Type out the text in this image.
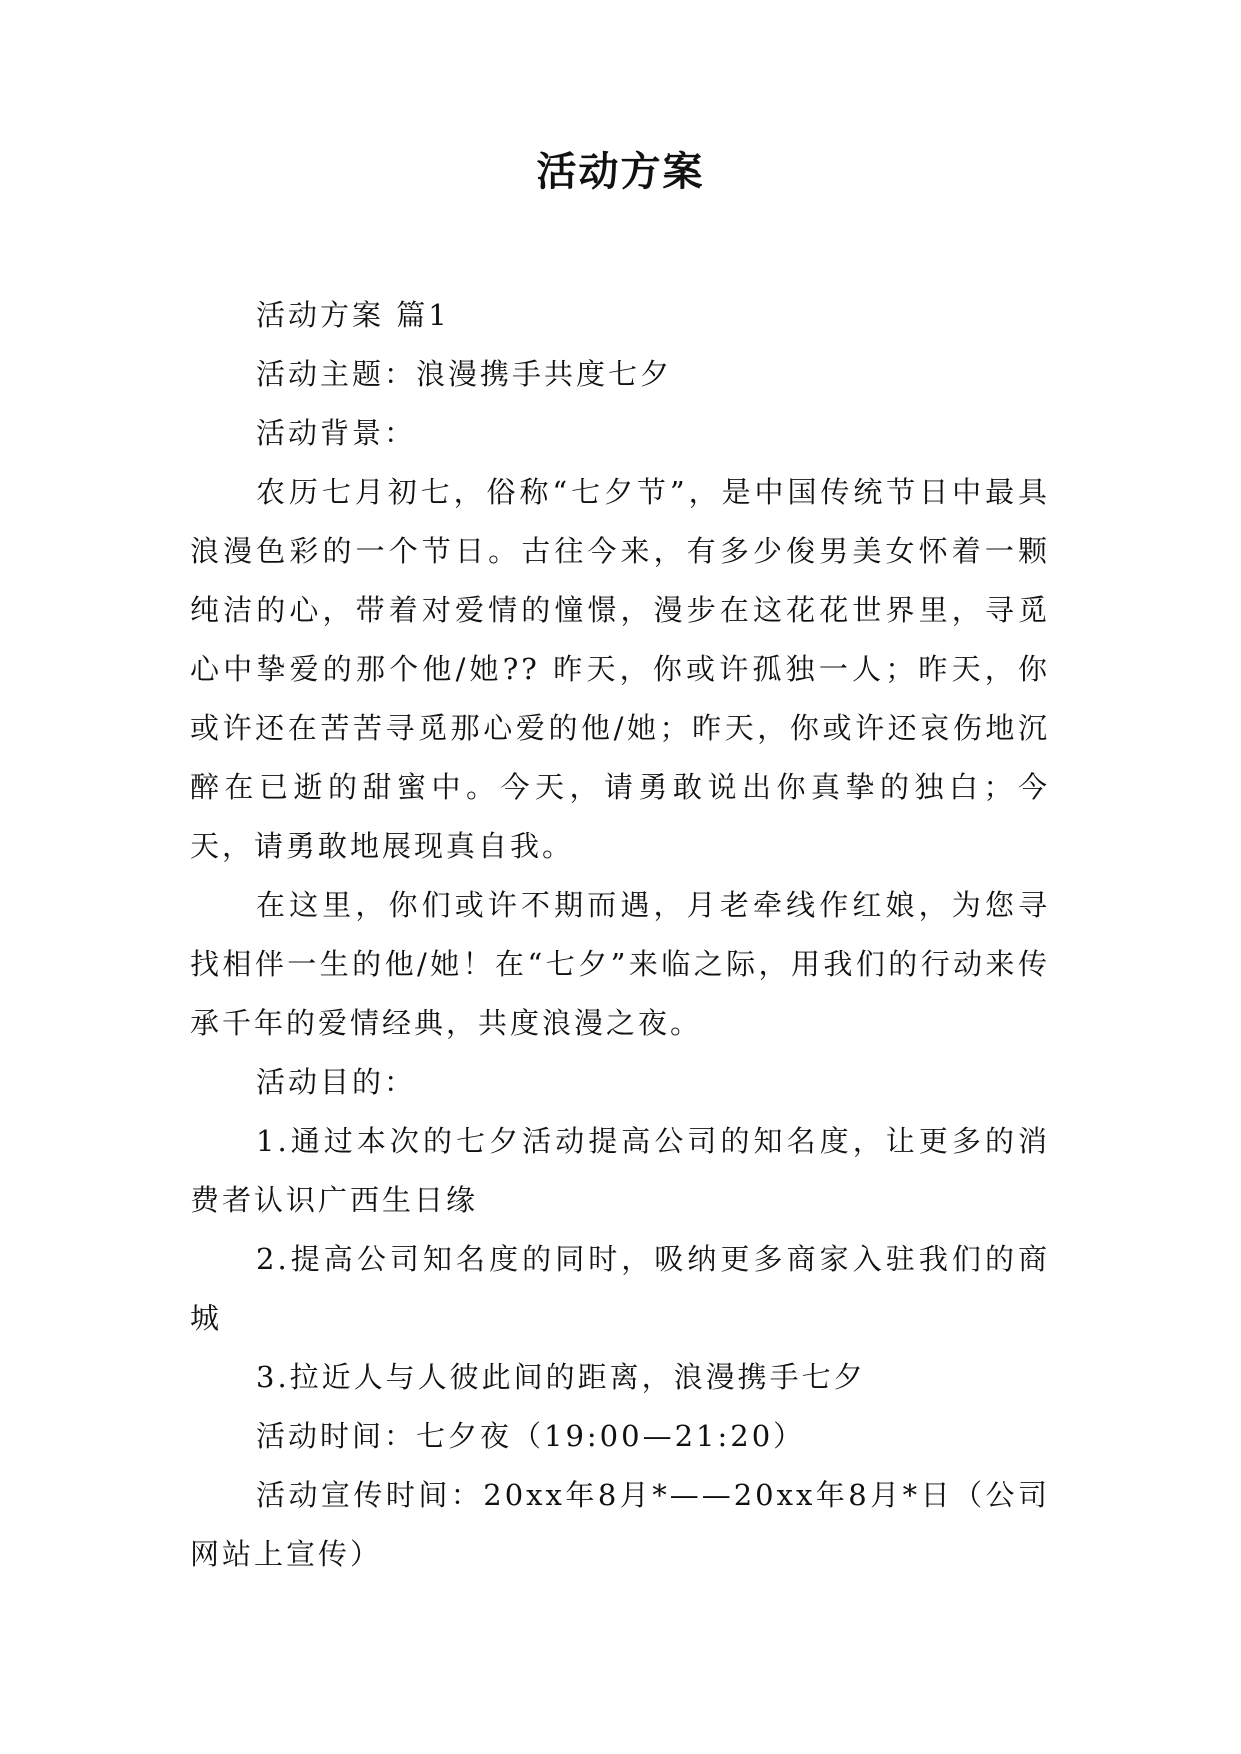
活动方案

活动方案 篇1

活动主题：浪漫携手共度七夕

活动背景：

农历七月初七，俗称“七夕节”，是中国传统节日中最具浪漫色彩的一个节日。古往今来，有多少俊男美女怀着一颗纯洁的心，带着对爱情的憧憬，漫步在这花花世界里，寻觅心中挚爱的那个他/她?? 昨天，你或许孤独一人；昨天，你或许还在苦苦寻觅那心爱的他/她；昨天，你或许还哀伤地沉醉在已逝的甜蜜中。今天，请勇敢说出你真挚的独白；今天，请勇敢地展现真自我。

在这里，你们或许不期而遇，月老牵线作红娘，为您寻找相伴一生的他/她！在“七夕”来临之际，用我们的行动来传承千年的爱情经典，共度浪漫之夜。

活动目的：

1.通过本次的七夕活动提高公司的知名度，让更多的消费者认识广西生日缘

2.提高公司知名度的同时，吸纳更多商家入驻我们的商城

3.拉近人与人彼此间的距离，浪漫携手七夕

活动时间：七夕夜（19:00—21:20）

活动宣传时间：20xx年8月*——20xx年8月*日（公司网站上宣传）
